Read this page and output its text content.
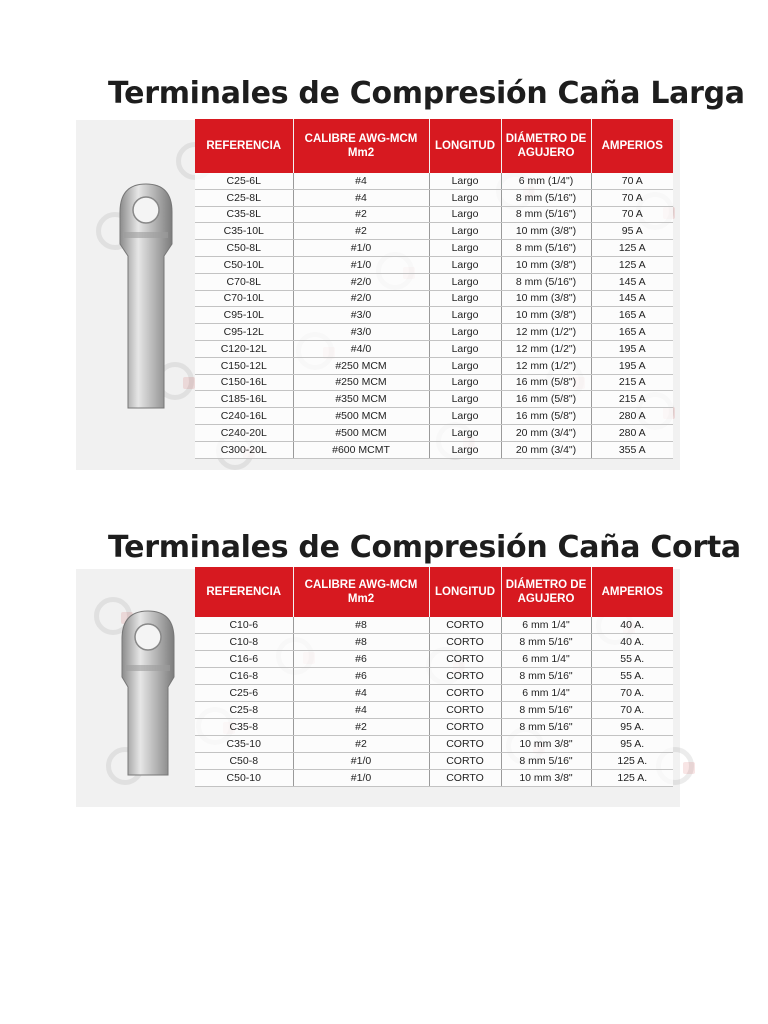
Terminales de Compresión Caña Larga
REFERENCIA	CALIBRE AWG-MCM Mm2	LONGITUD	DIÁMETRO DE AGUJERO	AMPERIOS
C25-6L	#4	Largo	6 mm (1/4")	70 A
C25-8L	#4	Largo	8 mm (5/16")	70 A
C35-8L	#2	Largo	8 mm (5/16")	70 A
C35-10L	#2	Largo	10 mm (3/8")	95 A
C50-8L	#1/0	Largo	8 mm (5/16")	125 A
C50-10L	#1/0	Largo	10 mm (3/8")	125 A
C70-8L	#2/0	Largo	8 mm (5/16")	145 A
C70-10L	#2/0	Largo	10 mm (3/8")	145 A
C95-10L	#3/0	Largo	10 mm (3/8")	165 A
C95-12L	#3/0	Largo	12 mm (1/2")	165 A
C120-12L	#4/0	Largo	12 mm (1/2")	195 A
C150-12L	#250 MCM	Largo	12 mm (1/2")	195 A
C150-16L	#250 MCM	Largo	16 mm (5/8")	215 A
C185-16L	#350 MCM	Largo	16 mm (5/8")	215 A
C240-16L	#500 MCM	Largo	16 mm (5/8")	280 A
C240-20L	#500 MCM	Largo	20 mm (3/4")	280 A
C300-20L	#600 MCMT	Largo	20 mm (3/4")	355 A
Terminales de Compresión Caña Corta
REFERENCIA	CALIBRE AWG-MCM Mm2	LONGITUD	DIÁMETRO DE AGUJERO	AMPERIOS
C10-6	#8	CORTO	6 mm 1/4"	40 A.
C10-8	#8	CORTO	8 mm 5/16"	40 A.
C16-6	#6	CORTO	6 mm 1/4"	55 A.
C16-8	#6	CORTO	8 mm 5/16"	55 A.
C25-6	#4	CORTO	6 mm 1/4"	70 A.
C25-8	#4	CORTO	8 mm 5/16"	70 A.
C35-8	#2	CORTO	8 mm 5/16"	95 A.
C35-10	#2	CORTO	10 mm 3/8"	95 A.
C50-8	#1/0	CORTO	8 mm 5/16"	125 A.
C50-10	#1/0	CORTO	10 mm 3/8"	125 A.
